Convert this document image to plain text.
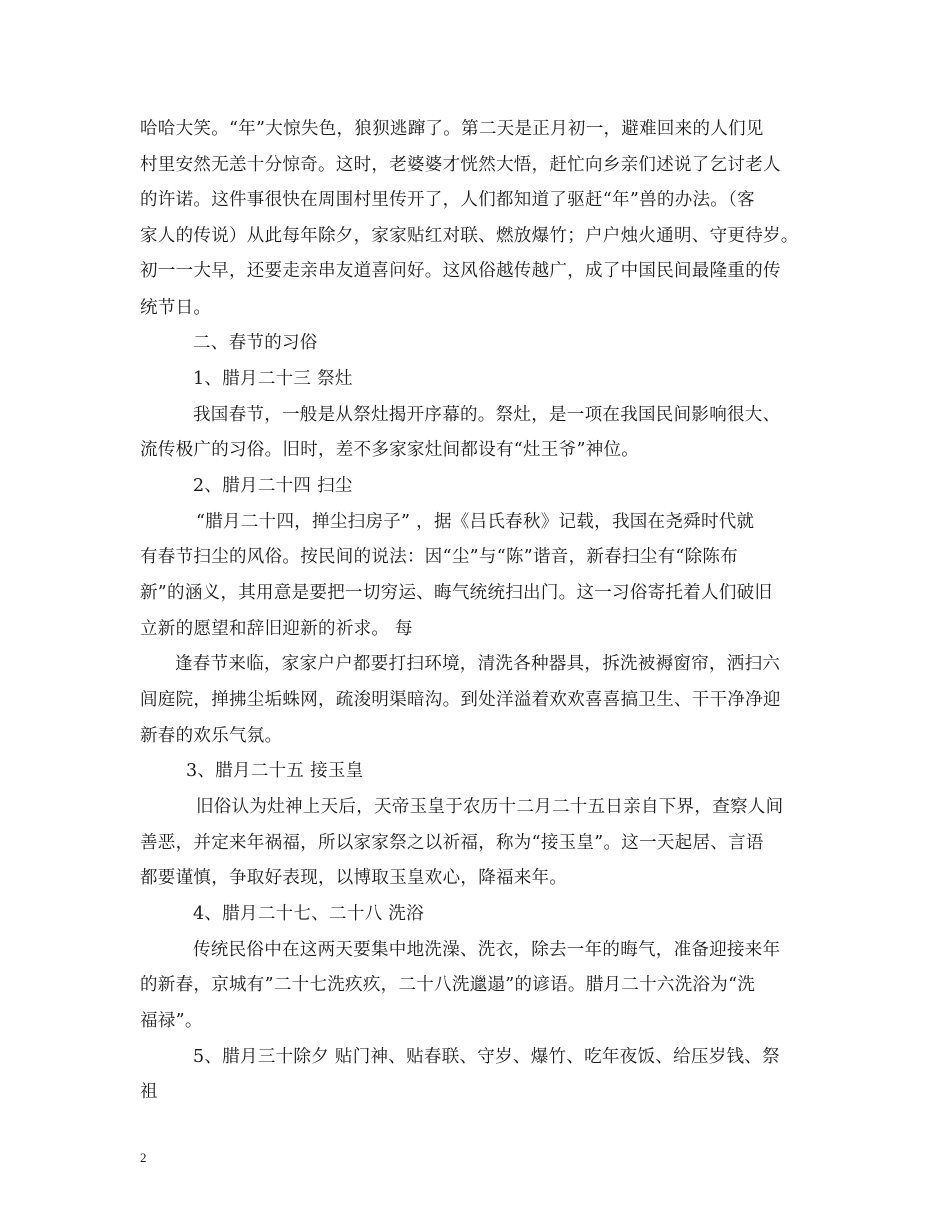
哈哈大笑。“年”大惊失色，狼狈逃蹿了。第二天是正月初一，避难回来的人们见
村里安然无恙十分惊奇。这时，老婆婆才恍然大悟，赶忙向乡亲们述说了乞讨老人
的许诺。这件事很快在周围村里传开了，人们都知道了驱赶“年”兽的办法。（客
家人的传说）从此每年除夕，家家贴红对联、燃放爆竹；户户烛火通明、守更待岁。
初一一大早，还要走亲串友道喜问好。这风俗越传越广，成了中国民间最隆重的传
统节日。
二、春节的习俗
1、腊月二十三 祭灶
我国春节，一般是从祭灶揭开序幕的。祭灶，是一项在我国民间影响很大、
流传极广的习俗。旧时，差不多家家灶间都设有“灶王爷”神位。
2、腊月二十四 扫尘
“腊月二十四，掸尘扫房子” ，据《吕氏春秋》记载，我国在尧舜时代就
有春节扫尘的风俗。按民间的说法：因“尘”与“陈”谐音，新春扫尘有“除陈布
新”的涵义，其用意是要把一切穷运、晦气统统扫出门。这一习俗寄托着人们破旧
立新的愿望和辞旧迎新的祈求。 每
逢春节来临，家家户户都要打扫环境，清洗各种器具，拆洗被褥窗帘，洒扫六
闾庭院，掸拂尘垢蛛网，疏浚明渠暗沟。到处洋溢着欢欢喜喜搞卫生、干干净净迎
新春的欢乐气氛。
3、腊月二十五 接玉皇
旧俗认为灶神上天后，天帝玉皇于农历十二月二十五日亲自下界，查察人间
善恶，并定来年祸福，所以家家祭之以祈福，称为“接玉皇”。这一天起居、言语
都要谨慎，争取好表现，以博取玉皇欢心，降福来年。
4、腊月二十七、二十八 洗浴
传统民俗中在这两天要集中地洗澡、洗衣，除去一年的晦气，准备迎接来年
的新春，京城有”二十七洗疚疚，二十八洗邋遢”的谚语。腊月二十六洗浴为“洗
福禄”。
5、腊月三十除夕 贴门神、贴春联、守岁、爆竹、吃年夜饭、给压岁钱、祭
祖
2
